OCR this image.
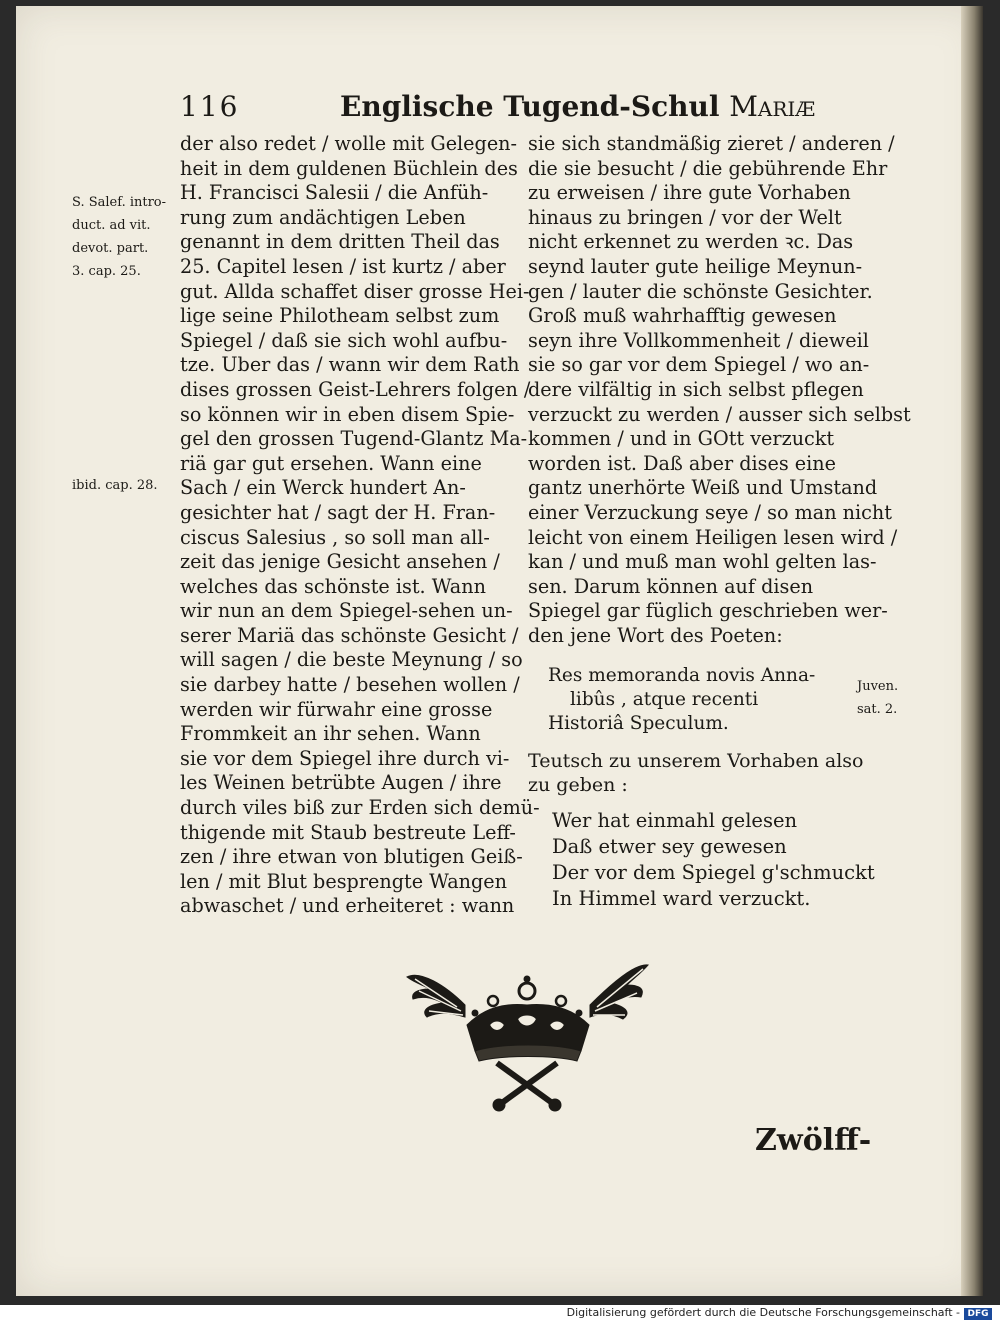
116	Englische Tugend-Schul Mariæ
S. Salef. intro-
duct. ad vit.
devot. part.
3. cap. 25.
ibid. cap. 28.
Juven.
sat. 2.
der also redet / wolle mit Gelegen-
heit in dem guldenen Büchlein des
H. Francisci Salesii / die Anfüh-
rung zum andächtigen Leben
genannt in dem dritten Theil das
25. Capitel lesen / ist kurtz / aber
gut. Allda schaffet diser grosse Hei-
lige seine Philotheam selbst zum
Spiegel / daß sie sich wohl aufbu-
tze. Uber das / wann wir dem Rath
dises grossen Geist-Lehrers folgen /
so können wir in eben disem Spie-
gel den grossen Tugend-Glantz Ma-
riä gar gut ersehen. Wann eine
Sach / ein Werck hundert An-
gesichter hat / sagt der H. Fran-
ciscus Salesius , so soll man all-
zeit das jenige Gesicht ansehen /
welches das schönste ist. Wann
wir nun an dem Spiegel-sehen un-
serer Mariä das schönste Gesicht /
will sagen / die beste Meynung / so
sie darbey hatte / besehen wollen /
werden wir fürwahr eine grosse
Frommkeit an ihr sehen. Wann
sie vor dem Spiegel ihre durch vi-
les Weinen betrübte Augen / ihre
durch viles biß zur Erden sich demü-
thigende mit Staub bestreute Leff-
zen / ihre etwan von blutigen Geiß-
len / mit Blut besprengte Wangen
abwaschet / und erheiteret : wann
sie sich standmäßig zieret / anderen /
die sie besucht / die gebührende Ehr
zu erweisen / ihre gute Vorhaben
hinaus zu bringen / vor der Welt
nicht erkennet zu werden ꝛc. Das
seynd lauter gute heilige Meynun-
gen / lauter die schönste Gesichter.
Groß muß wahrhafftig gewesen
seyn ihre Vollkommenheit / dieweil
sie so gar vor dem Spiegel / wo an-
dere vilfältig in sich selbst pflegen
verzuckt zu werden / ausser sich selbst
kommen / und in GOtt verzuckt
worden ist. Daß aber dises eine
gantz unerhörte Weiß und Umstand
einer Verzuckung seye / so man nicht
leicht von einem Heiligen lesen wird /
kan / und muß man wohl gelten las-
sen. Darum können auf disen
Spiegel gar füglich geschrieben wer-
den jene Wort des Poeten:
Res memoranda novis Anna-
libûs , atque recenti
Historiâ Speculum.
Teutsch zu unserem Vorhaben also
zu geben :
Wer hat einmahl gelesen
Daß etwer sey gewesen
Der vor dem Spiegel g'schmuckt
In Himmel ward verzuckt.
Zwölff-
Digitalisierung gefördert durch die Deutsche Forschungsgemeinschaft - DFG
